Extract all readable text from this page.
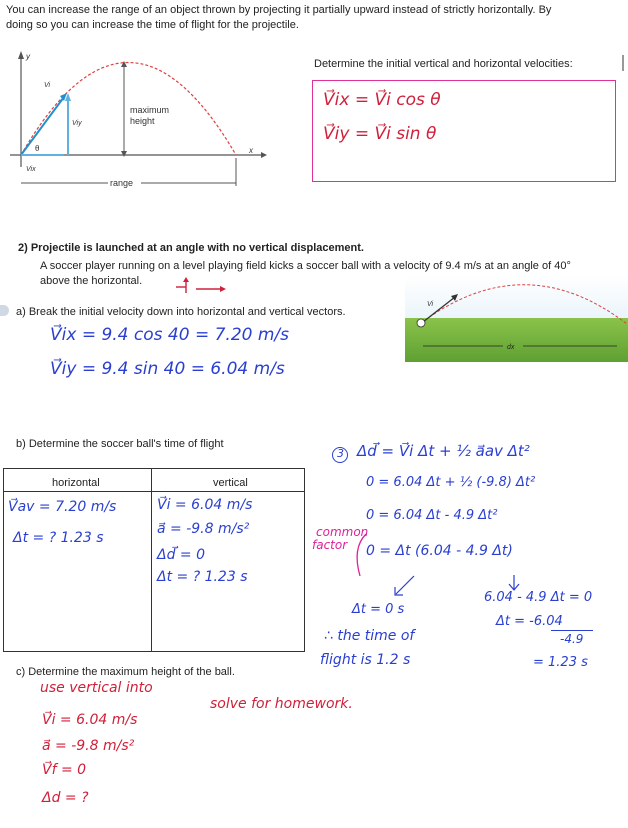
You can increase the range of an object thrown by projecting it partially upward instead of strictly horizontally. By
doing so you can increase the time of flight for the projectile.
y
x
Vi
Viy
Vix
θ
maximum
height
range
Determine the initial vertical and horizontal velocities:
V⃗ix = V⃗i cos θ
V⃗iy = V⃗i sin θ
2) Projectile is launched at an angle with no vertical displacement.
A soccer player running on a level playing field kicks a soccer ball with a velocity of 9.4 m/s at an angle of 40°
above the horizontal.
a) Break the initial velocity down into horizontal and vertical vectors.
V⃗ix = 9.4 cos 40 = 7.20 m/s
V⃗iy = 9.4 sin 40 = 6.04 m/s
Vi
dx
b) Determine the soccer ball's time of flight
horizontal	vertical
V⃗av = 7.20 m/s
Δt = ? 1.23 s
V⃗i = 6.04 m/s
a⃗ = -9.8 m/s²
Δd⃗ = 0
Δt = ? 1.23 s
3 Δd⃗ = V⃗i Δt + ½ a⃗av Δt²
0 = 6.04 Δt + ½ (-9.8) Δt²
common
factor
0 = 6.04 Δt - 4.9 Δt²
0 = Δt (6.04 - 4.9 Δt)
Δt = 0 s
6.04 - 4.9 Δt = 0
Δt = -6.04
-4.9
= 1.23 s
∴ the time of
flight is 1.2 s
c) Determine the maximum height of the ball.
use vertical into
solve for homework.
V⃗i = 6.04 m/s
a⃗ = -9.8 m/s²
V⃗f = 0
Δd = ?
